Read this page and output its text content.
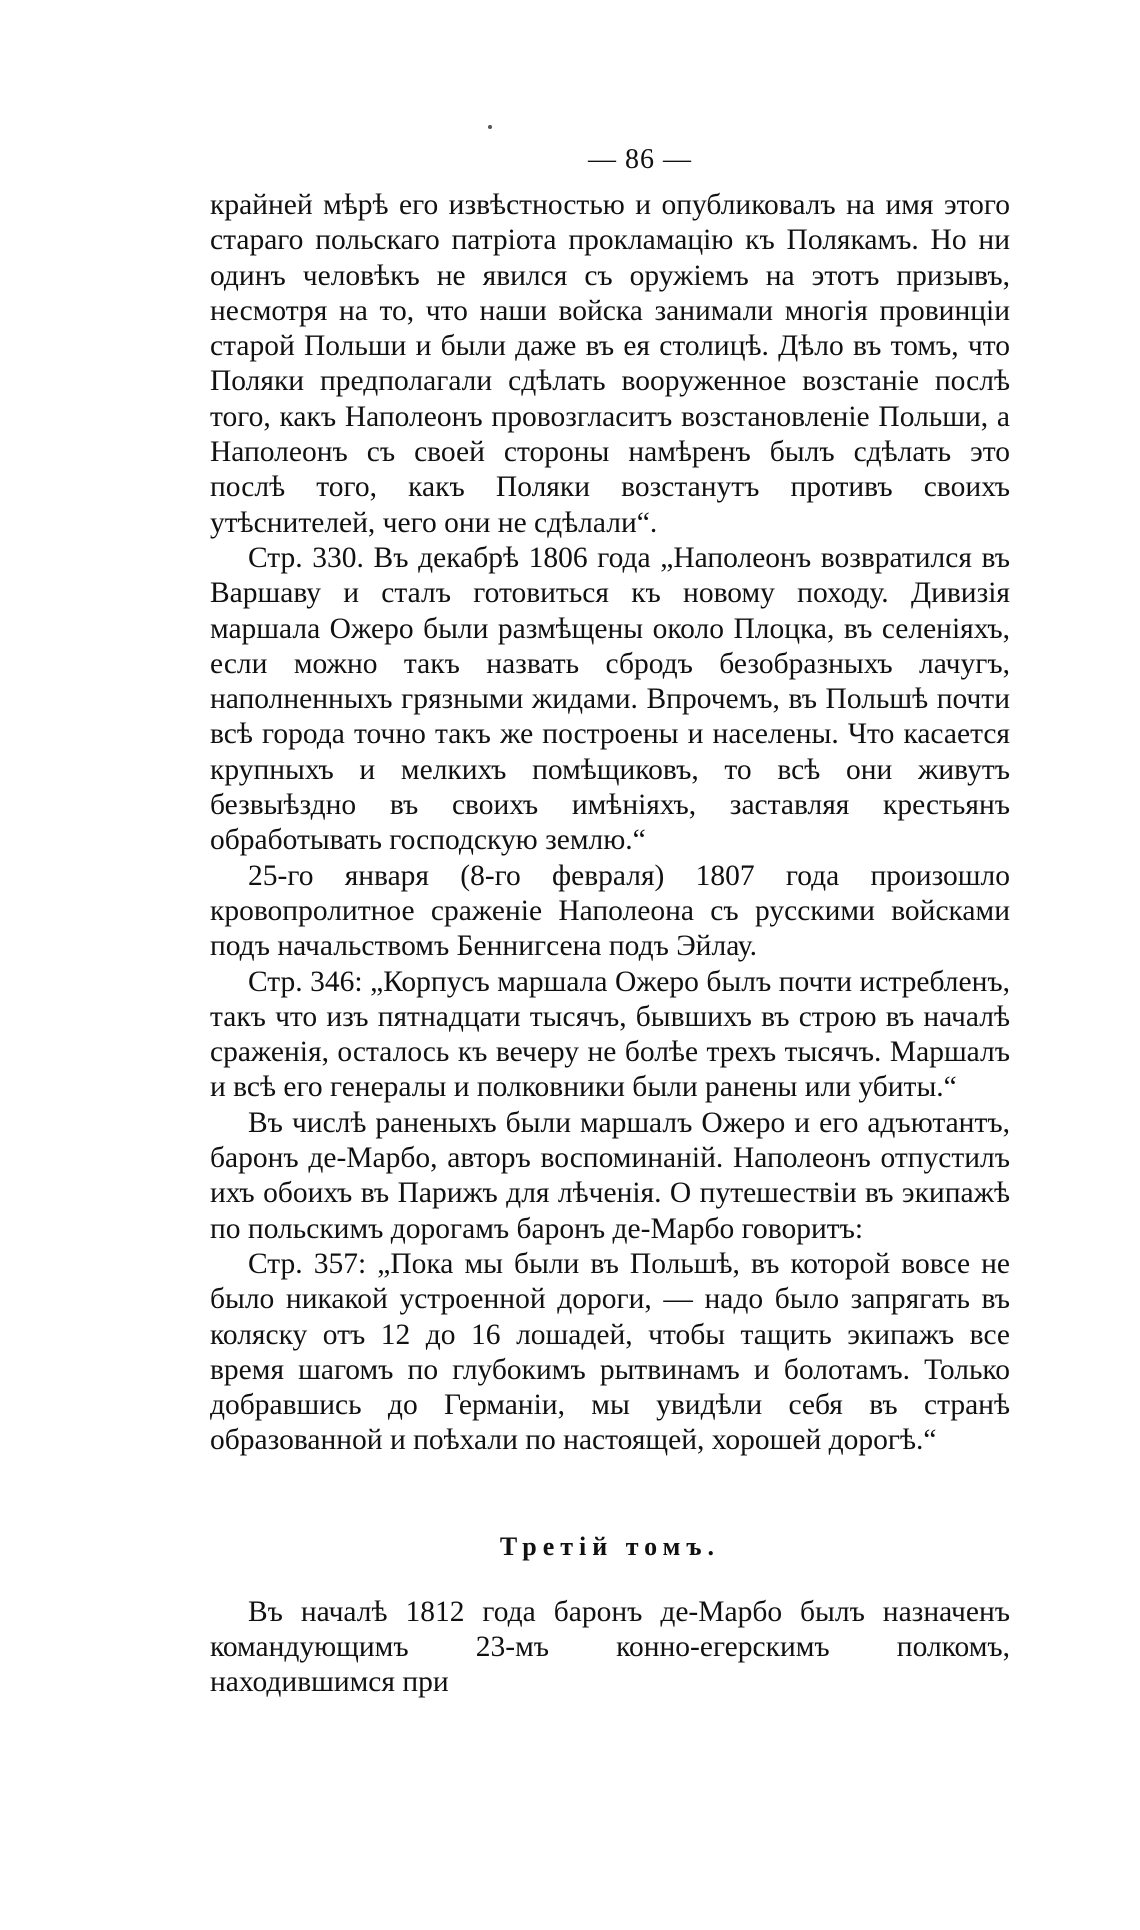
— 86 —

крайней мѣрѣ его извѣстностью и опубликовалъ на имя этого стараго польскаго патріота прокламацію къ Полякамъ. Но ни одинъ человѣкъ не явился съ оружіемъ на этотъ призывъ, несмотря на то, что наши войска занимали многія провинціи старой Польши и были даже въ ея столицѣ. Дѣло въ томъ, что Поляки предполагали сдѣлать вооруженное возстаніе послѣ того, какъ Наполеонъ провозгласитъ возстановленіе Польши, а Наполеонъ съ своей стороны намѣренъ былъ сдѣлать это послѣ того, какъ Поляки возстанутъ противъ своихъ утѣснителей, чего они не сдѣлали“.

Стр. 330. Въ декабрѣ 1806 года „Наполеонъ возвратился въ Варшаву и сталъ готовиться къ новому походу. Дивизія маршала Ожеро были размѣщены около Плоцка, въ селеніяхъ, если можно такъ назвать сбродъ безобразныхъ лачугъ, наполненныхъ грязными жидами. Впрочемъ, въ Польшѣ почти всѣ города точно такъ же построены и населены. Что касается крупныхъ и мелкихъ помѣщиковъ, то всѣ они живутъ безвыѣздно въ своихъ имѣніяхъ, заставляя крестьянъ обработывать господскую землю.“

25-го января (8-го февраля) 1807 года произошло кровопролитное сраженіе Наполеона съ русскими войсками подъ начальствомъ Беннигсена подъ Эйлау.

Стр. 346: „Корпусъ маршала Ожеро былъ почти истребленъ, такъ что изъ пятнадцати тысячъ, бывшихъ въ строю въ началѣ сраженія, осталось къ вечеру не болѣе трехъ тысячъ. Маршалъ и всѣ его генералы и полковники были ранены или убиты.“

Въ числѣ раненыхъ были маршалъ Ожеро и его адъютантъ, баронъ де-Марбо, авторъ воспоминаній. Наполеонъ отпустилъ ихъ обоихъ въ Парижъ для лѣченія. О путешествіи въ экипажѣ по польскимъ дорогамъ баронъ де-Марбо говоритъ:

Стр. 357: „Пока мы были въ Польшѣ, въ которой вовсе не было никакой устроенной дороги, — надо было запрягать въ коляску отъ 12 до 16 лошадей, чтобы тащить экипажъ все время шагомъ по глубокимъ рытвинамъ и болотамъ. Только добравшись до Германіи, мы увидѣли себя въ странѣ образованной и поѣхали по настоящей, хорошей дорогѣ.“

Третій томъ.

Въ началѣ 1812 года баронъ де-Марбо былъ назначенъ командующимъ 23-мъ конно-егерскимъ полкомъ, находившимся при
